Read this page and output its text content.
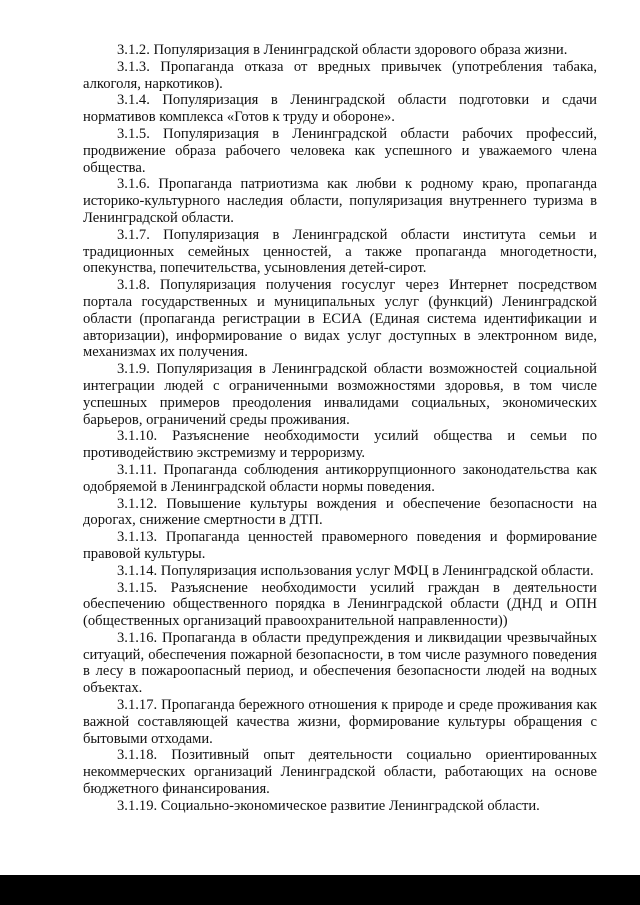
3.1.2. Популяризация в Ленинградской области здорового образа жизни.

3.1.3. Пропаганда отказа от вредных привычек (употребления табака, алкоголя, наркотиков).

3.1.4. Популяризация в Ленинградской области подготовки и сдачи нормативов комплекса «Готов к труду и обороне».

3.1.5. Популяризация в Ленинградской области рабочих профессий, продвижение образа рабочего человека как успешного и уважаемого члена общества.

3.1.6. Пропаганда патриотизма как любви к родному краю, пропаганда историко-культурного наследия области, популяризация внутреннего туризма в Ленинградской области.

3.1.7. Популяризация в Ленинградской области института семьи и традиционных семейных ценностей, а также пропаганда многодетности, опекунства, попечительства, усыновления детей-сирот.

3.1.8. Популяризация получения госуслуг через Интернет посредством портала государственных и муниципальных услуг (функций) Ленинградской области (пропаганда регистрации в ЕСИА (Единая система идентификации и авторизации), информирование о видах услуг доступных в электронном виде, механизмах их получения.

3.1.9. Популяризация в Ленинградской области возможностей социальной интеграции людей с ограниченными возможностями здоровья, в том числе успешных примеров преодоления инвалидами социальных, экономических барьеров, ограничений среды проживания.

3.1.10. Разъяснение необходимости усилий общества и семьи по противодействию экстремизму и терроризму.

3.1.11. Пропаганда соблюдения антикоррупционного законодательства как одобряемой в Ленинградской области нормы поведения.

3.1.12. Повышение культуры вождения и обеспечение безопасности на дорогах, снижение смертности в ДТП.

3.1.13. Пропаганда ценностей правомерного поведения и формирование правовой культуры.

3.1.14. Популяризация использования услуг МФЦ в Ленинградской области.

3.1.15. Разъяснение необходимости усилий граждан в деятельности обеспечению общественного порядка в Ленинградской области (ДНД и ОПН (общественных организаций правоохранительной направленности))

3.1.16. Пропаганда в области предупреждения и ликвидации чрезвычайных ситуаций, обеспечения пожарной безопасности, в том числе разумного поведения в лесу в пожароопасный период, и обеспечения безопасности людей на водных объектах.

3.1.17. Пропаганда бережного отношения к природе и среде проживания как важной составляющей качества жизни, формирование культуры обращения с бытовыми отходами.

3.1.18. Позитивный опыт деятельности социально ориентированных некоммерческих организаций Ленинградской области, работающих на основе бюджетного финансирования.

3.1.19. Социально-экономическое развитие Ленинградской области.
